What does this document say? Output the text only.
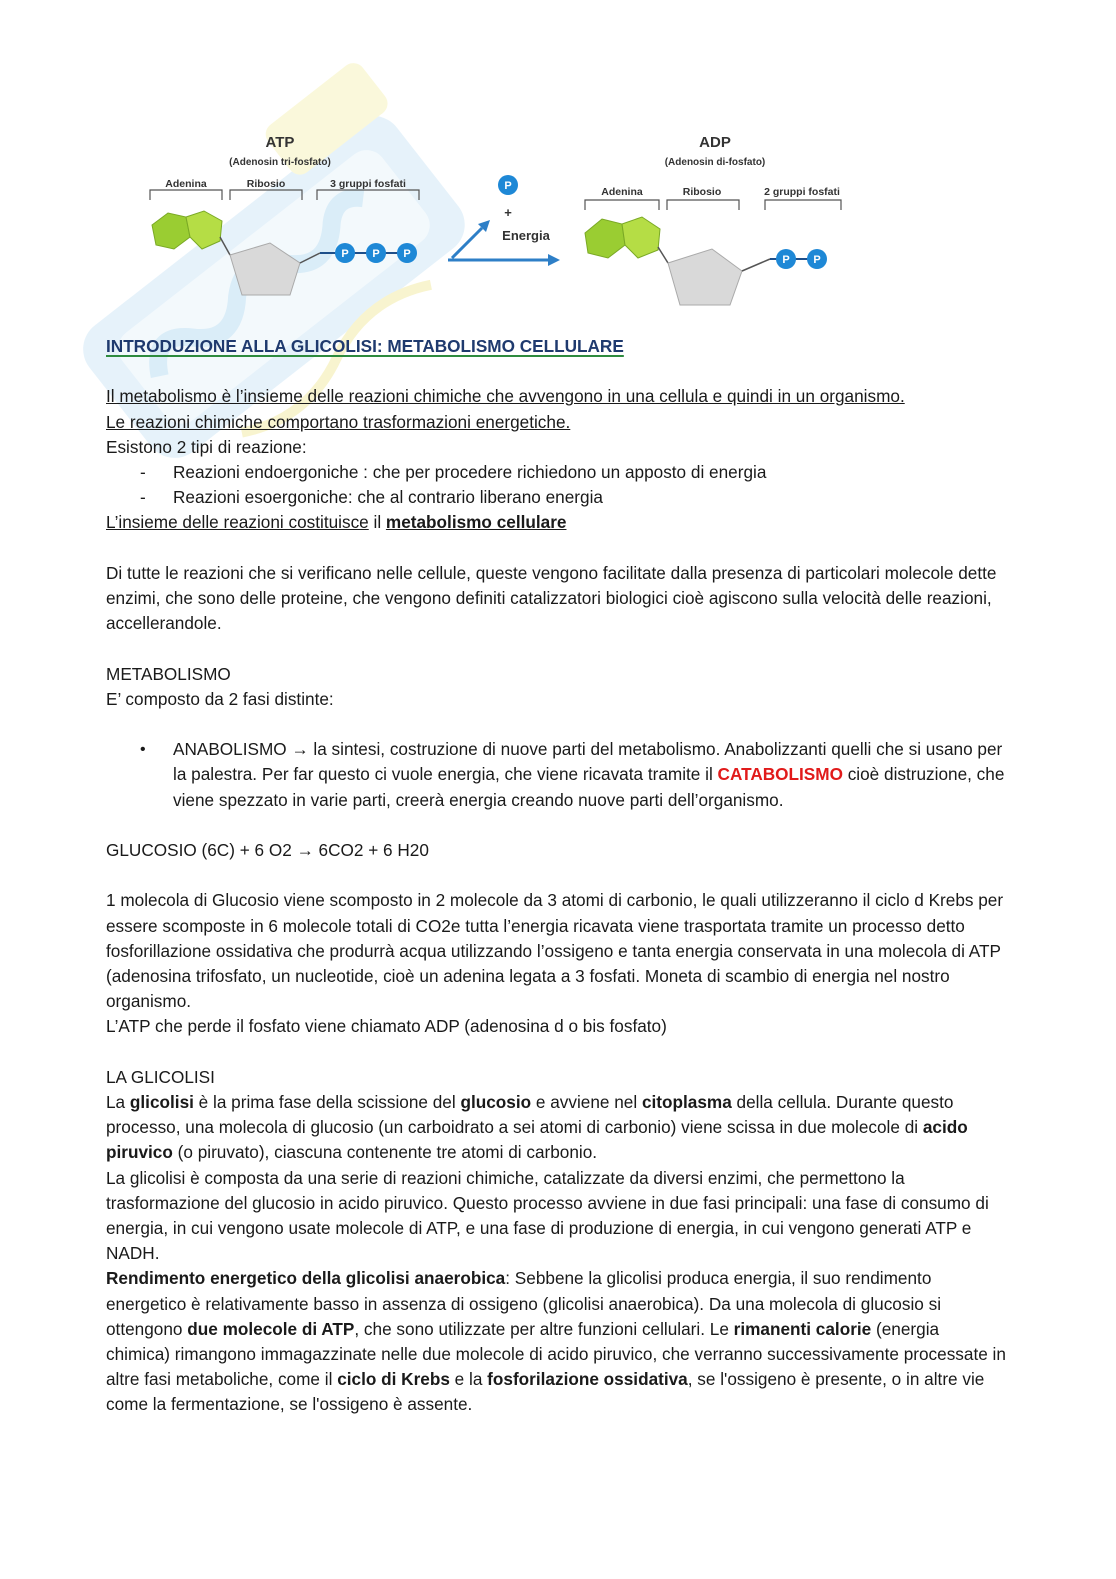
ATP
(Adenosin tri-fosfato)
Adenina	Ribosio	3 gruppi fosfati
P P P
P
+
Energia
ADP
(Adenosin di-fosfato)
Adenina	Ribosio	2 gruppi fosfati
P P

INTRODUZIONE ALLA GLICOLISI: METABOLISMO CELLULARE

Il metabolismo è l’insieme delle reazioni chimiche che avvengono in una cellula e quindi in un organismo.

Le reazioni chimiche comportano trasformazioni energetiche.

Esistono 2 tipi di reazione:

- Reazioni endoergoniche : che per procedere richiedono un apposto di energia

- Reazioni esoergoniche: che al contrario liberano energia

L’insieme delle reazioni costituisce il metabolismo cellulare

Di tutte le reazioni che si verificano nelle cellule, queste vengono facilitate dalla presenza di particolari molecole dette enzimi, che sono delle proteine, che vengono definiti catalizzatori biologici cioè agiscono sulla velocità delle reazioni, accellerandole.

METABOLISMO

E’ composto da 2 fasi distinte:

• ANABOLISMO → la sintesi, costruzione di nuove parti del metabolismo. Anabolizzanti quelli che si usano per la palestra. Per far questo ci vuole energia, che viene ricavata tramite il CATABOLISMO cioè distruzione, che viene spezzato in varie parti, creerà energia creando nuove parti dell’organismo.

GLUCOSIO (6C) + 6 O2 → 6CO2 + 6 H20

1 molecola di Glucosio viene scomposto in 2 molecole da 3 atomi di carbonio, le quali utilizzeranno il ciclo d Krebs per essere scomposte in 6 molecole totali di CO2e tutta l’energia ricavata viene trasportata tramite un processo detto fosforillazione ossidativa che produrrà acqua utilizzando l’ossigeno e tanta energia conservata in una molecola di ATP (adenosina trifosfato, un nucleotide, cioè un adenina legata a 3 fosfati. Moneta di scambio di energia nel nostro organismo.

L’ATP che perde il fosfato viene chiamato ADP (adenosina d o bis fosfato)

LA GLICOLISI

La glicolisi è la prima fase della scissione del glucosio e avviene nel citoplasma della cellula. Durante questo processo, una molecola di glucosio (un carboidrato a sei atomi di carbonio) viene scissa in due molecole di acido piruvico (o piruvato), ciascuna contenente tre atomi di carbonio.

La glicolisi è composta da una serie di reazioni chimiche, catalizzate da diversi enzimi, che permettono la trasformazione del glucosio in acido piruvico. Questo processo avviene in due fasi principali: una fase di consumo di energia, in cui vengono usate molecole di ATP, e una fase di produzione di energia, in cui vengono generati ATP e NADH.

Rendimento energetico della glicolisi anaerobica: Sebbene la glicolisi produca energia, il suo rendimento energetico è relativamente basso in assenza di ossigeno (glicolisi anaerobica). Da una molecola di glucosio si ottengono due molecole di ATP, che sono utilizzate per altre funzioni cellulari. Le rimanenti calorie (energia chimica) rimangono immagazzinate nelle due molecole di acido piruvico, che verranno successivamente processate in altre fasi metaboliche, come il ciclo di Krebs e la fosforilazione ossidativa, se l'ossigeno è presente, o in altre vie come la fermentazione, se l'ossigeno è assente.
